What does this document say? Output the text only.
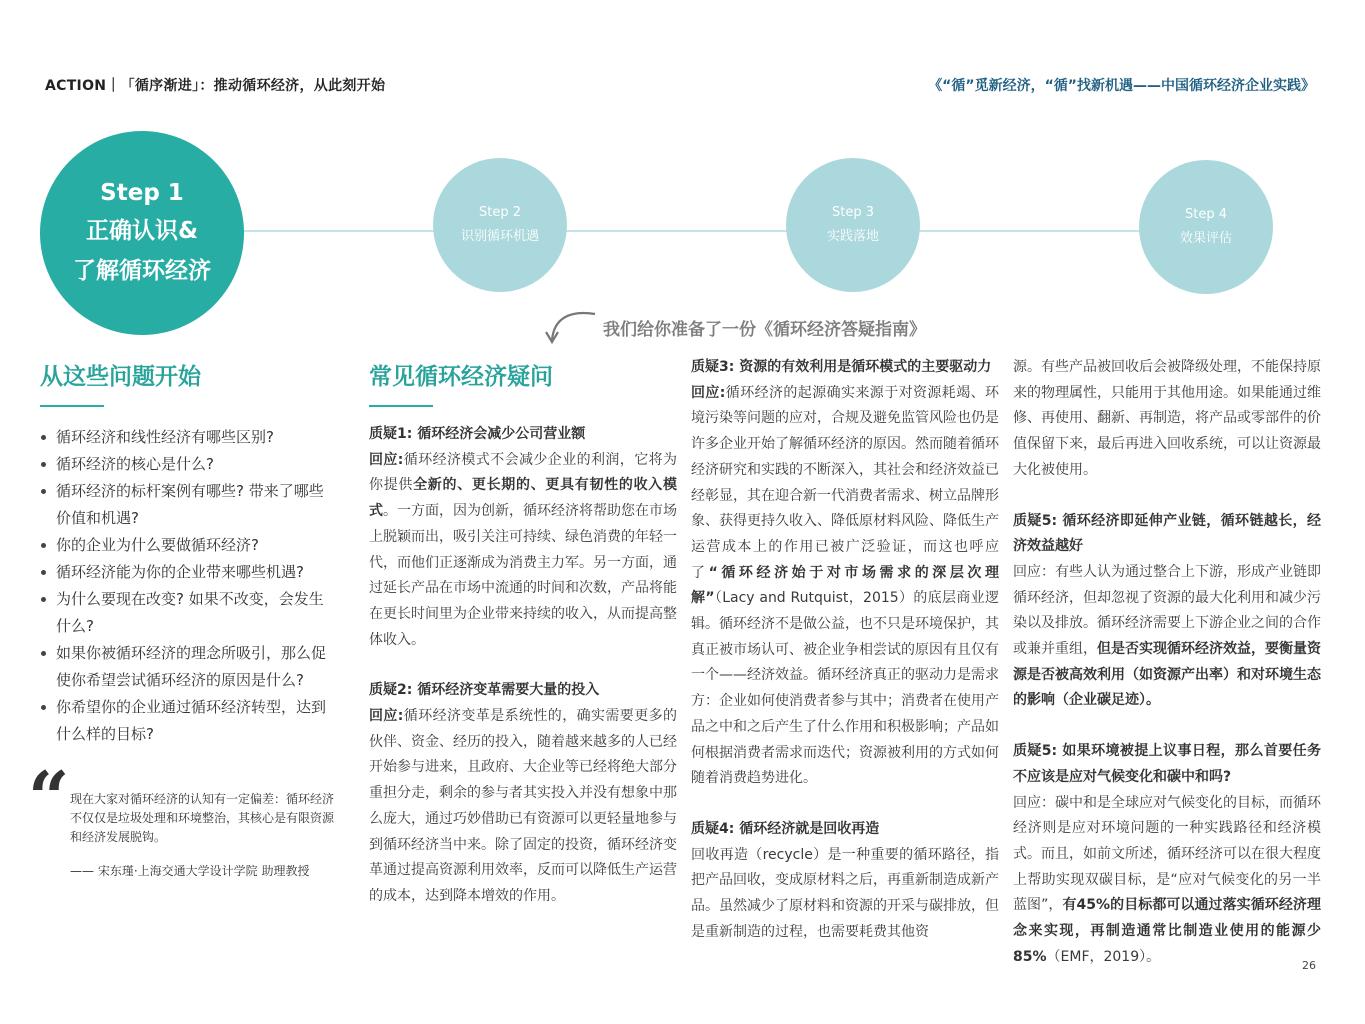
ACTION｜「循序渐进」：推动循环经济，从此刻开始	《“循”觅新经济，“循”找新机遇——中国循环经济企业实践》
Step 1
正确认识&
了解循环经济
Step 2
识别循环机遇
Step 3
实践落地
Step 4
效果评估
我们给你准备了一份《循环经济答疑指南》
从这些问题开始
循环经济和线性经济有哪些区别?
循环经济的核心是什么?
循环经济的标杆案例有哪些? 带来了哪些价值和机遇?
你的企业为什么要做循环经济?
循环经济能为你的企业带来哪些机遇?
为什么要现在改变? 如果不改变，会发生什么?
如果你被循环经济的理念所吸引，那么促使你希望尝试循环经济的原因是什么?
你希望你的企业通过循环经济转型，达到什么样的目标?
“ 现在大家对循环经济的认知有一定偏差：循环经济不仅仅是垃圾处理和环境整治，其核心是有限资源和经济发展脱钩。
—— 宋东瑾·上海交通大学设计学院 助理教授
常见循环经济疑问

质疑1: 循环经济会减少公司营业额

回应:循环经济模式不会减少企业的利润，它将为你提供全新的、更长期的、更具有韧性的收入模式。一方面，因为创新，循环经济将帮助您在市场上脱颖而出，吸引关注可持续、绿色消费的年轻一代，而他们正逐渐成为消费主力军。另一方面，通过延长产品在市场中流通的时间和次数，产品将能在更长时间里为企业带来持续的收入，从而提高整体收入。

质疑2: 循环经济变革需要大量的投入

回应:循环经济变革是系统性的，确实需要更多的伙伴、资金、经历的投入，随着越来越多的人已经开始参与进来，且政府、大企业等已经将绝大部分重担分走，剩余的参与者其实投入并没有想象中那么庞大，通过巧妙借助已有资源可以更轻量地参与到循环经济当中来。除了固定的投资，循环经济变革通过提高资源利用效率，反而可以降低生产运营的成本，达到降本增效的作用。

质疑3: 资源的有效利用是循环模式的主要驱动力

回应:循环经济的起源确实来源于对资源耗竭、环境污染等问题的应对，合规及避免监管风险也仍是许多企业开始了解循环经济的原因。然而随着循环经济研究和实践的不断深入，其社会和经济效益已经彰显，其在迎合新一代消费者需求、树立品牌形象、获得更持久收入、降低原材料风险、降低生产运营成本上的作用已被广泛验证，而这也呼应了“循环经济始于对市场需求的深层次理解”（Lacy and Rutquist，2015）的底层商业逻辑。循环经济不是做公益，也不只是环境保护，其真正被市场认可、被企业争相尝试的原因有且仅有一个——经济效益。循环经济真正的驱动力是需求方：企业如何使消费者参与其中；消费者在使用产品之中和之后产生了什么作用和积极影响；产品如何根据消费者需求而迭代；资源被利用的方式如何随着消费趋势进化。

质疑4: 循环经济就是回收再造

回收再造（recycle）是一种重要的循环路径，指把产品回收，变成原材料之后，再重新制造成新产品。虽然减少了原材料和资源的开采与碳排放，但是重新制造的过程，也需要耗费其他资

源。有些产品被回收后会被降级处理，不能保持原来的物理属性，只能用于其他用途。如果能通过维修、再使用、翻新、再制造，将产品或零部件的价值保留下来，最后再进入回收系统，可以让资源最大化被使用。

质疑5: 循环经济即延伸产业链，循环链越长，经济效益越好

回应：有些人认为通过整合上下游，形成产业链即循环经济，但却忽视了资源的最大化利用和减少污染以及排放。循环经济需要上下游企业之间的合作或兼并重组，但是否实现循环经济效益，要衡量资源是否被高效利用（如资源产出率）和对环境生态的影响（企业碳足迹）。

质疑5: 如果环境被提上议事日程，那么首要任务不应该是应对气候变化和碳中和吗?

回应：碳中和是全球应对气候变化的目标，而循环经济则是应对环境问题的一种实践路径和经济模式。而且，如前文所述，循环经济可以在很大程度上帮助实现双碳目标，是“应对气候变化的另一半蓝图”，有45%的目标都可以通过落实循环经济理念来实现，再制造通常比制造业使用的能源少 85%（EMF，2019）。

26
